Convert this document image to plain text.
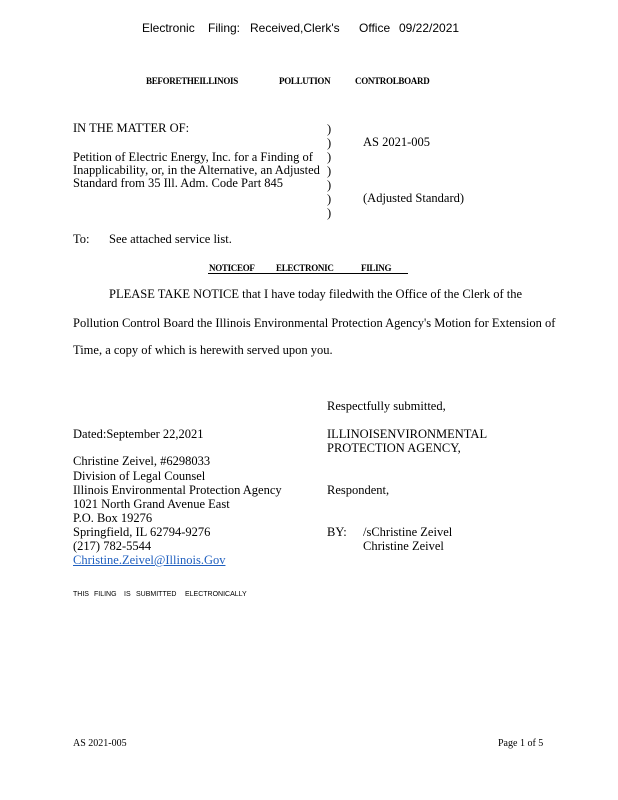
Electronic Filing: Received,Clerk's Office 09/22/2021
BEFORETHEILLINOIS	POLLUTION	CONTROLBOARD
IN THE MATTER OF:
Petition of Electric Energy, Inc. for a Finding of
Inapplicability, or, in the Alternative, an Adjusted
Standard from 35 Ill. Adm. Code Part 845
)
)
)
)
)
)
)
AS 2021-005
(Adjusted Standard)
To: See attached service list.
NOTICEOF ELECTRONIC	FILING
PLEASE TAKE NOTICE that I have today filedwith the Office of the Clerk of the
Pollution Control Board the Illinois Environmental Protection Agency's Motion for Extension of
Time, a copy of which is herewith served upon you.
Respectfully submitted,
ILLINOISENVIRONMENTAL
PROTECTION AGENCY,
Respondent,
BY: /sChristine Zeivel
Christine Zeivel
Dated:September 22,2021
Christine Zeivel, #6298033
Division of Legal Counsel
Illinois Environmental Protection Agency
1021 North Grand Avenue East
P.O. Box 19276
Springfield, IL 62794-9276
(217) 782-5544
Christine.Zeivel@Illinois.Gov
THIS FILING IS SUBMITTED ELECTRONICALLY
AS 2021-005	Page 1 of 5
